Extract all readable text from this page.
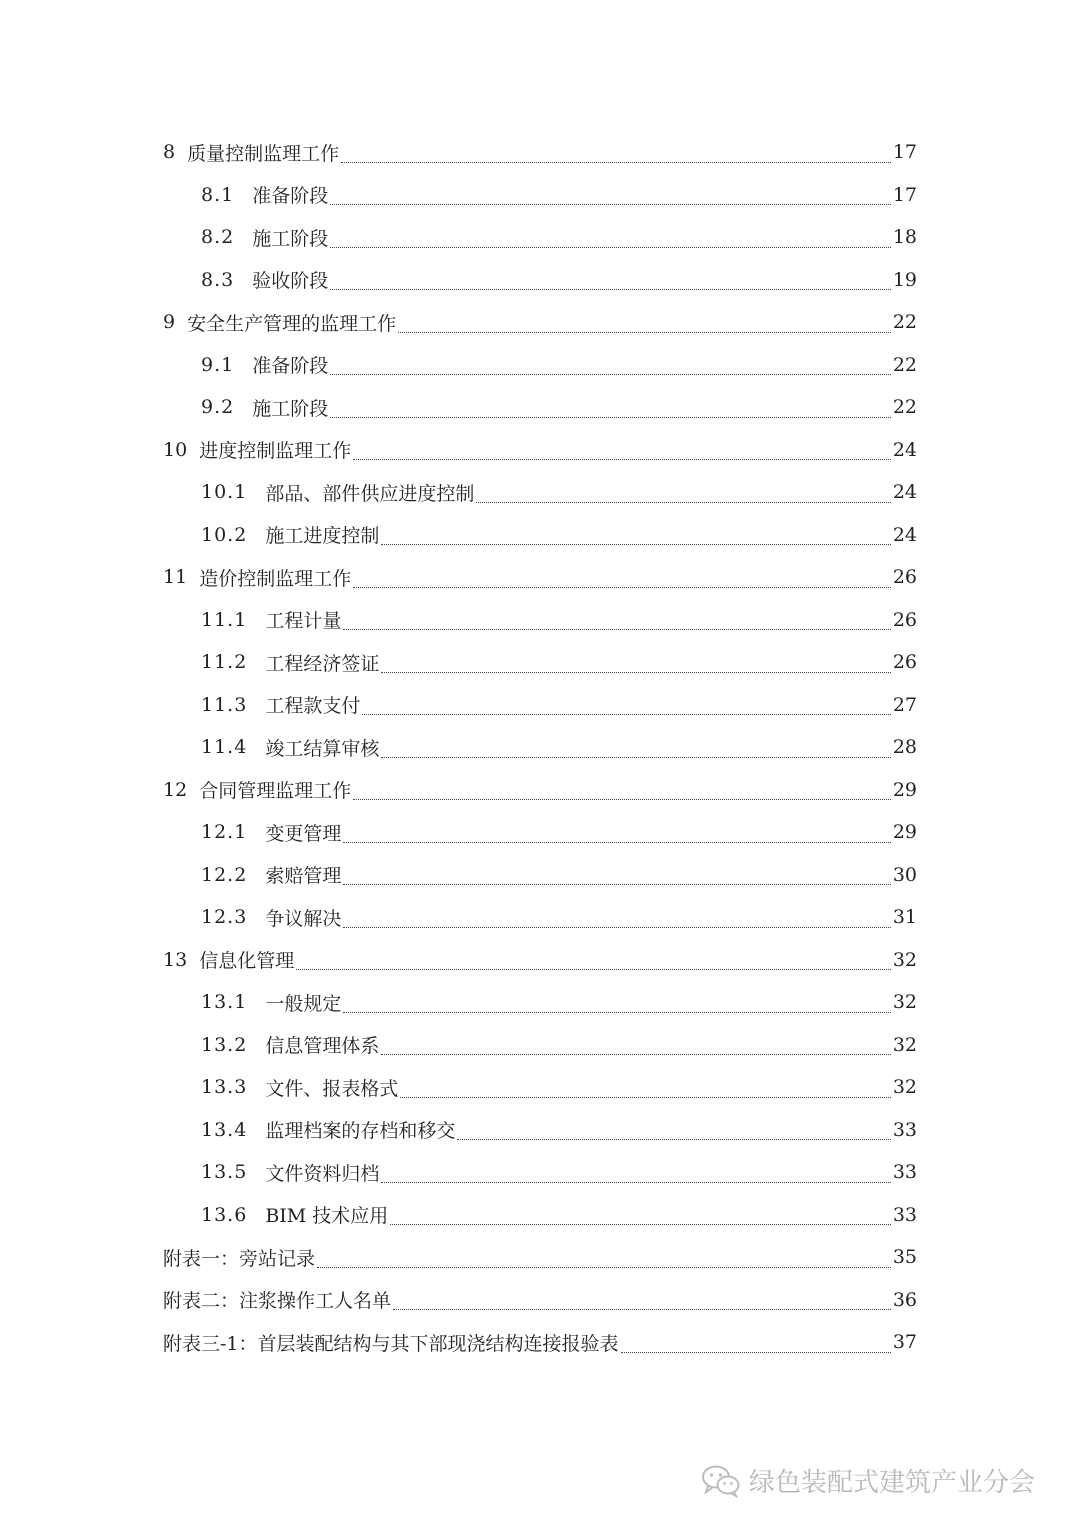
8 质量控制监理工作	17
8.1 准备阶段	17
8.2 施工阶段	18
8.3 验收阶段	19
9 安全生产管理的监理工作	22
9.1 准备阶段	22
9.2 施工阶段	22
10 进度控制监理工作	24
10.1 部品、部件供应进度控制	24
10.2 施工进度控制	24
11 造价控制监理工作	26
11.1 工程计量	26
11.2 工程经济签证	26
11.3 工程款支付	27
11.4 竣工结算审核	28
12 合同管理监理工作	29
12.1 变更管理	29
12.2 索赔管理	30
12.3 争议解决	31
13 信息化管理	32
13.1 一般规定	32
13.2 信息管理体系	32
13.3 文件、报表格式	32
13.4 监理档案的存档和移交	33
13.5 文件资料归档	33
13.6 BIM 技术应用	33
附表一：旁站记录	35
附表二：注浆操作工人名单	36
附表三-1：首层装配结构与其下部现浇结构连接报验表	37
绿色装配式建筑产业分会
